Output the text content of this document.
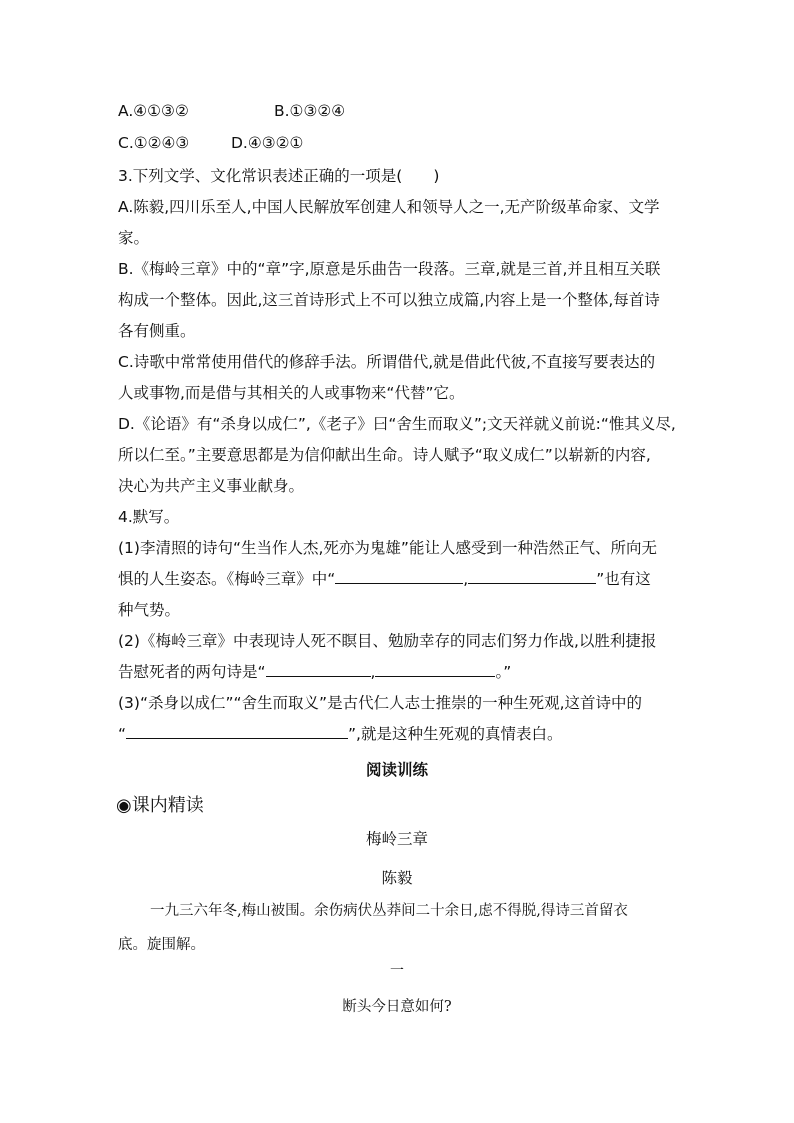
A.④①③②	B.①③②④
C.①②④③	D.④③②①
3.下列文学、文化常识表述正确的一项是(　　)
A.陈毅,四川乐至人,中国人民解放军创建人和领导人之一,无产阶级革命家、文学
家。
B.《梅岭三章》中的“章”字,原意是乐曲告一段落。三章,就是三首,并且相互关联
构成一个整体。因此,这三首诗形式上不可以独立成篇,内容上是一个整体,每首诗
各有侧重。
C.诗歌中常常使用借代的修辞手法。所谓借代,就是借此代彼,不直接写要表达的
人或事物,而是借与其相关的人或事物来“代替”它。
D.《论语》有“杀身以成仁”,《老子》曰“舍生而取义”;文天祥就义前说:“惟其义尽,
所以仁至。”主要意思都是为信仰献出生命。诗人赋予“取义成仁”以崭新的内容,
决心为共产主义事业献身。
4.默写。
(1)李清照的诗句“生当作人杰,死亦为鬼雄”能让人感受到一种浩然正气、所向无
惧的人生姿态。《梅岭三章》中“	,	”也有这
种气势。
(2)《梅岭三章》中表现诗人死不瞑目、勉励幸存的同志们努力作战,以胜利捷报
告慰死者的两句诗是“	,	。”
(3)“杀身以成仁”“舍生而取义”是古代仁人志士推崇的一种生死观,这首诗中的
“	”,就是这种生死观的真情表白。
阅读训练
◉课内精读
梅岭三章
陈毅
一九三六年冬,梅山被围。余伤病伏丛莽间二十余日,虑不得脱,得诗三首留衣
底。旋围解。
一
断头今日意如何?
